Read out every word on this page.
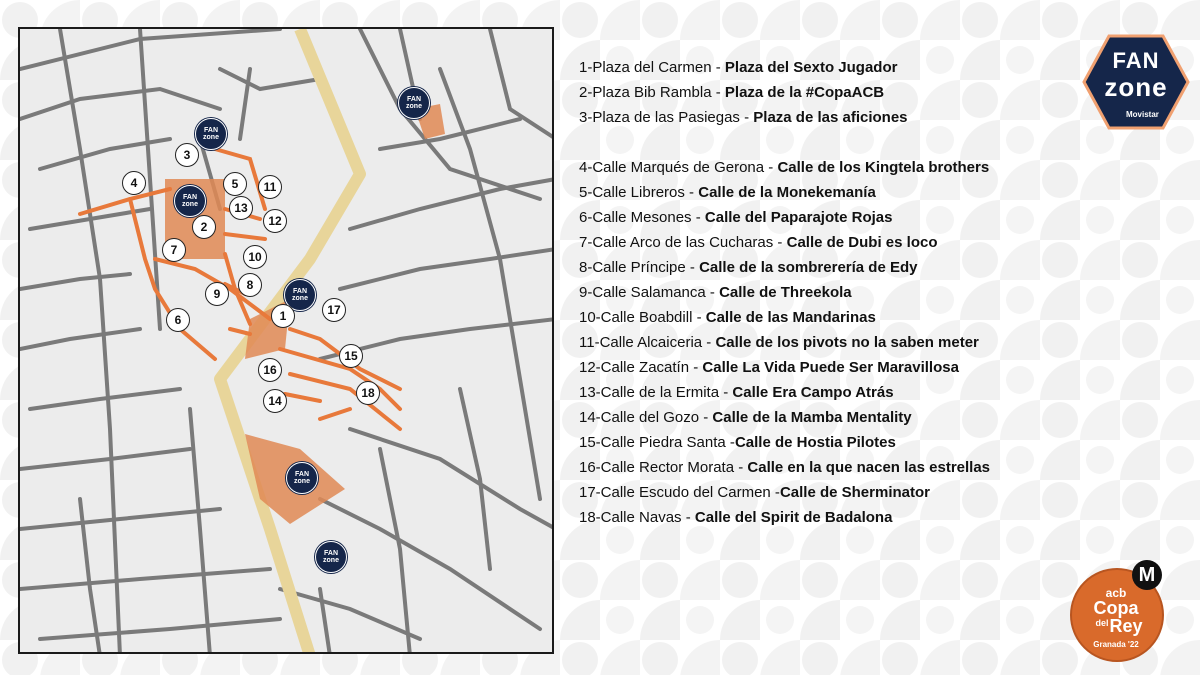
FAN
zone
FAN
zone
FAN
zone
FAN
zone
FAN
zone
FAN
zone
1
2
3
4	5
6
7
8
9
10
11
12
13
14
15
16
17
18
1-Plaza del Carmen - Plaza del Sexto Jugador
2-Plaza Bib Rambla - Plaza de la #CopaACB
3-Plaza de las Pasiegas - Plaza de las aficiones
4-Calle Marqués de Gerona - Calle de los Kingtela brothers
5-Calle Libreros - Calle de la Monekemanía
6-Calle Mesones - Calle del Paparajote Rojas
7-Calle Arco de las Cucharas - Calle de Dubi es loco
8-Calle Príncipe - Calle de la sombrerería de Edy
9-Calle Salamanca - Calle de Threekola
10-Calle Boabdill - Calle de las Mandarinas
11-Calle Alcaiceria - Calle de los pivots no la saben meter
12-Calle Zacatín - Calle La Vida Puede Ser Maravillosa
13-Calle de la Ermita - Calle Era Campo Atrás
14-Calle del Gozo - Calle de la Mamba Mentality
15-Calle Piedra Santa -Calle de Hostia Pilotes
16-Calle Rector Morata - Calle en la que nacen las estrellas
17-Calle Escudo del Carmen -Calle de Sherminator
18-Calle Navas - Calle del Spirit de Badalona
FAN
zone
Movistar
M
acb
Copa
del Rey
Granada '22
